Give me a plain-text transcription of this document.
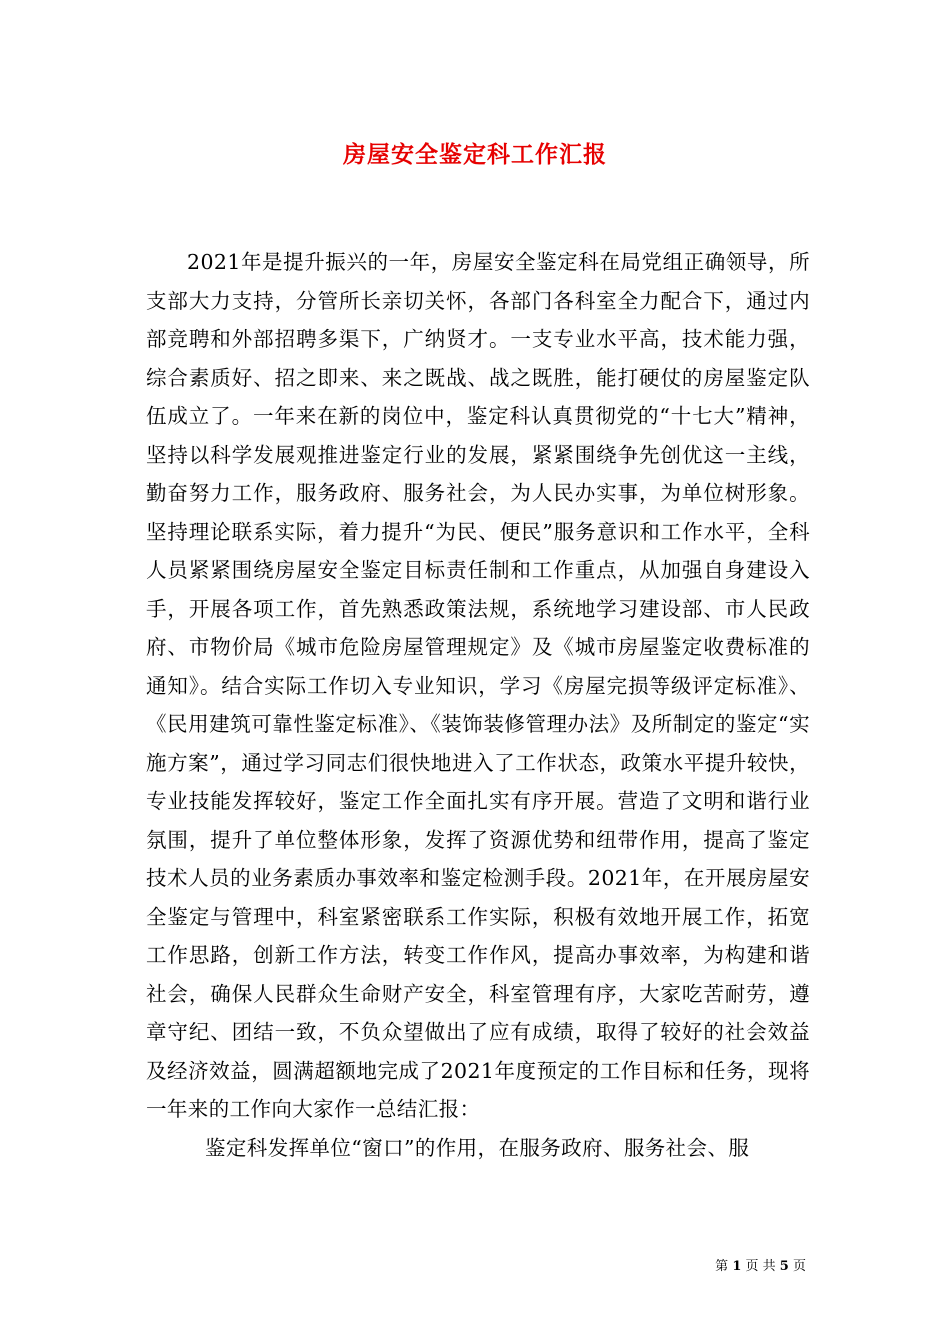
房屋安全鉴定科工作汇报

2021年是提升振兴的一年，房屋安全鉴定科在局党组正确领导，所支部大力支持，分管所长亲切关怀，各部门各科室全力配合下，通过内部竞聘和外部招聘多渠下，广纳贤才。一支专业水平高，技术能力强，综合素质好、招之即来、来之既战、战之既胜，能打硬仗的房屋鉴定队伍成立了。一年来在新的岗位中，鉴定科认真贯彻党的“十七大”精神，坚持以科学发展观推进鉴定行业的发展，紧紧围绕争先创优这一主线，勤奋努力工作，服务政府、服务社会，为人民办实事，为单位树形象。坚持理论联系实际，着力提升“为民、便民”服务意识和工作水平，全科人员紧紧围绕房屋安全鉴定目标责任制和工作重点，从加强自身建设入手，开展各项工作，首先熟悉政策法规，系统地学习建设部、市人民政府、市物价局《城市危险房屋管理规定》及《城市房屋鉴定收费标准的通知》。结合实际工作切入专业知识，学习《房屋完损等级评定标准》、《民用建筑可靠性鉴定标准》、《装饰装修管理办法》及所制定的鉴定“实施方案”，通过学习同志们很快地进入了工作状态，政策水平提升较快，专业技能发挥较好，鉴定工作全面扎实有序开展。营造了文明和谐行业氛围，提升了单位整体形象，发挥了资源优势和纽带作用，提高了鉴定技术人员的业务素质办事效率和鉴定检测手段。2021年，在开展房屋安全鉴定与管理中，科室紧密联系工作实际，积极有效地开展工作，拓宽工作思路，创新工作方法，转变工作作风，提高办事效率，为构建和谐社会，确保人民群众生命财产安全，科室管理有序，大家吃苦耐劳，遵章守纪、团结一致，不负众望做出了应有成绩，取得了较好的社会效益及经济效益，圆满超额地完成了2021年度预定的工作目标和任务，现将一年来的工作向大家作一总结汇报：

鉴定科发挥单位“窗口”的作用，在服务政府、服务社会、服

第 1 页 共 5 页
